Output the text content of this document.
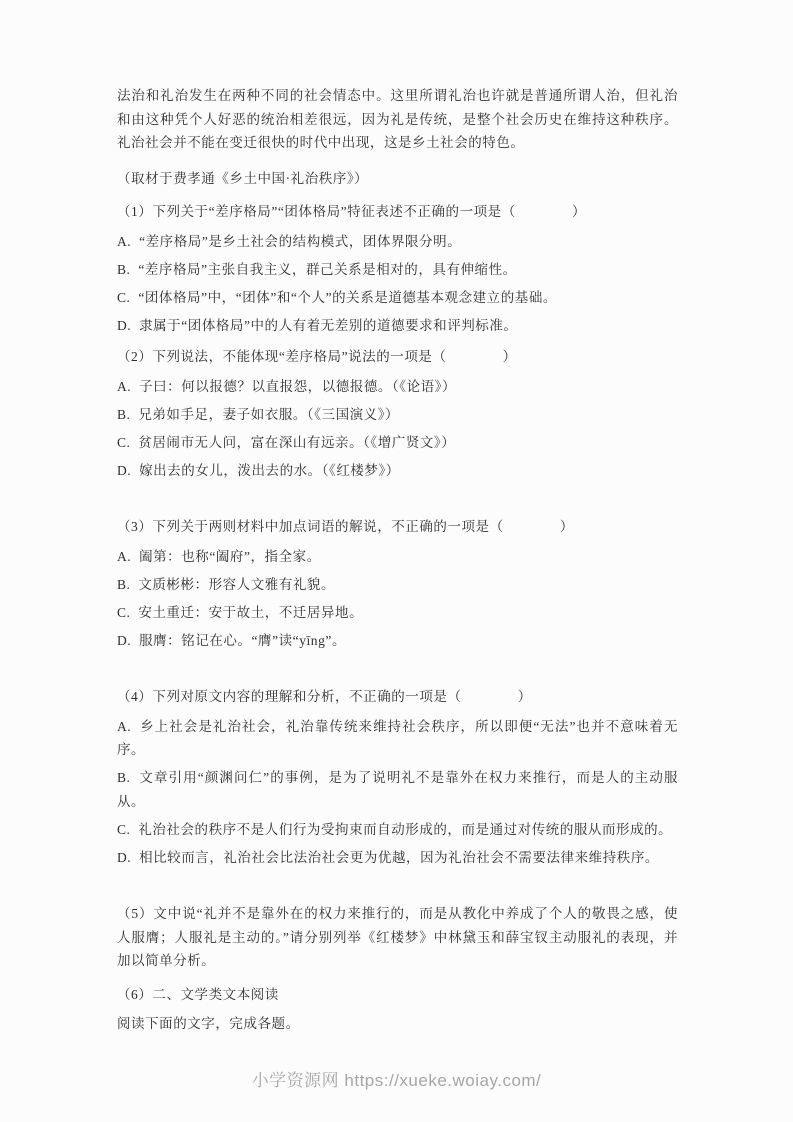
法治和礼治发生在两种不同的社会情态中。这里所谓礼治也许就是普通所谓人治，但礼治和由这种凭个人好恶的统治相差很远，因为礼是传统，是整个社会历史在维持这种秩序。礼治社会并不能在变迁很快的时代中出现，这是乡土社会的特色。

（取材于费孝通《乡土中国·礼治秩序》）

（1）下列关于“差序格局”“团体格局”特征表述不正确的一项是（　　　　）

A.  “差序格局”是乡土社会的结构模式，团体界限分明。

B.  “差序格局”主张自我主义，群己关系是相对的，具有伸缩性。

C.  “团体格局”中，“团体”和“个人”的关系是道德基本观念建立的基础。

D.  隶属于“团体格局”中的人有着无差别的道德要求和评判标准。

（2）下列说法，不能体现“差序格局”说法的一项是（　　　　）

A.  子曰：何以报德？以直报怨，以德报德。（《论语》）

B.  兄弟如手足，妻子如衣服。（《三国演义》）

C.  贫居闹市无人问，富在深山有远亲。（《增广贤文》）

D.  嫁出去的女儿，泼出去的水。（《红楼梦》）

（3）下列关于两则材料中加点词语的解说，不正确的一项是（　　　　）

A.  阖第：也称“阖府”，指全家。

B.  文质彬彬：形容人文雅有礼貌。

C.  安土重迁：安于故土，不迁居异地。

D.  服膺：铭记在心。“膺”读“yīng”。

（4）下列对原文内容的理解和分析，不正确的一项是（　　　　）

A.  乡上社会是礼治社会，礼治靠传统来维持社会秩序，所以即便“无法”也并不意味着无序。

B.  文章引用“颜渊问仁”的事例，是为了说明礼不是靠外在权力来推行，而是人的主动服从。

C.  礼治社会的秩序不是人们行为受拘束而自动形成的，而是通过对传统的服从而形成的。

D.  相比较而言，礼治社会比法治社会更为优越，因为礼治社会不需要法律来维持秩序。

（5）文中说“礼并不是靠外在的权力来推行的，而是从教化中养成了个人的敬畏之感，使人服膺；人服礼是主动的。”请分别列举《红楼梦》中林黛玉和薛宝钗主动服礼的表现，并加以简单分析。

（6）二、文学类文本阅读

阅读下面的文字，完成各题。

小学资源网 https://xueke.woiay.com/
